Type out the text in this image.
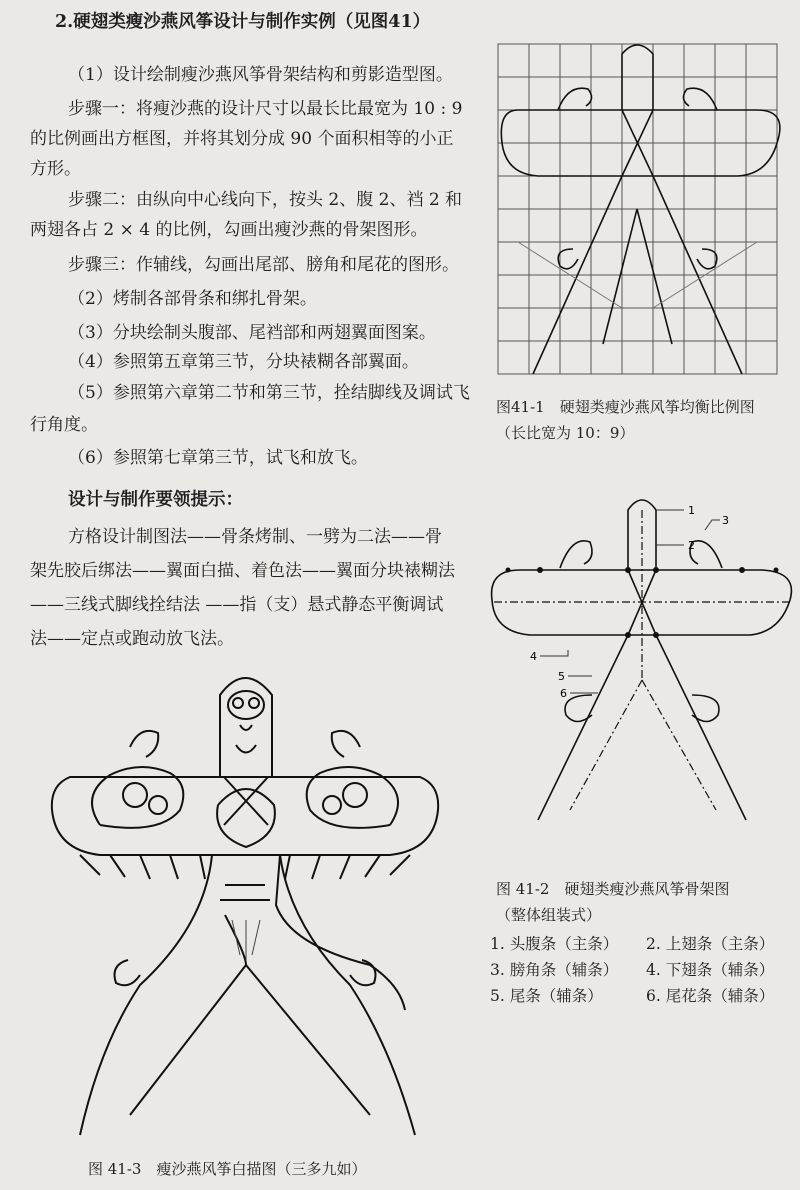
2.硬翅类瘦沙燕风筝设计与制作实例（见图41）
（1）设计绘制瘦沙燕风筝骨架结构和剪影造型图。
步骤一：将瘦沙燕的设计尺寸以最长比最宽为 10 : 9
的比例画出方框图，并将其划分成 90 个面积相等的小正
方形。
步骤二：由纵向中心线向下，按头 2、腹 2、裆 2 和
两翅各占 2 × 4 的比例，勾画出瘦沙燕的骨架图形。
步骤三：作辅线，勾画出尾部、膀角和尾花的图形。
（2）烤制各部骨条和绑扎骨架。
（3）分块绘制头腹部、尾裆部和两翅翼面图案。
（4）参照第五章第三节，分块裱糊各部翼面。
（5）参照第六章第二节和第三节，拴结脚线及调试飞
行角度。
（6）参照第七章第三节，试飞和放飞。
设计与制作要领提示：
方格设计制图法——骨条烤制、一劈为二法——骨
架先胶后绑法——翼面白描、着色法——翼面分块裱糊法
——三线式脚线拴结法 ——指（支）悬式静态平衡调试
法——定点或跑动放飞法。
图41-1　硬翅类瘦沙燕风筝均衡比例图
（长比宽为 10：9）
1
2
3
4
5
6
图 41-2　硬翅类瘦沙燕风筝骨架图
（整体组装式）
1. 头腹条（主条） 2. 上翅条（主条）
3. 膀角条（辅条） 4. 下翅条（辅条）
5. 尾条（辅条）	6. 尾花条（辅条）
图 41-3　瘦沙燕风筝白描图（三多九如）
